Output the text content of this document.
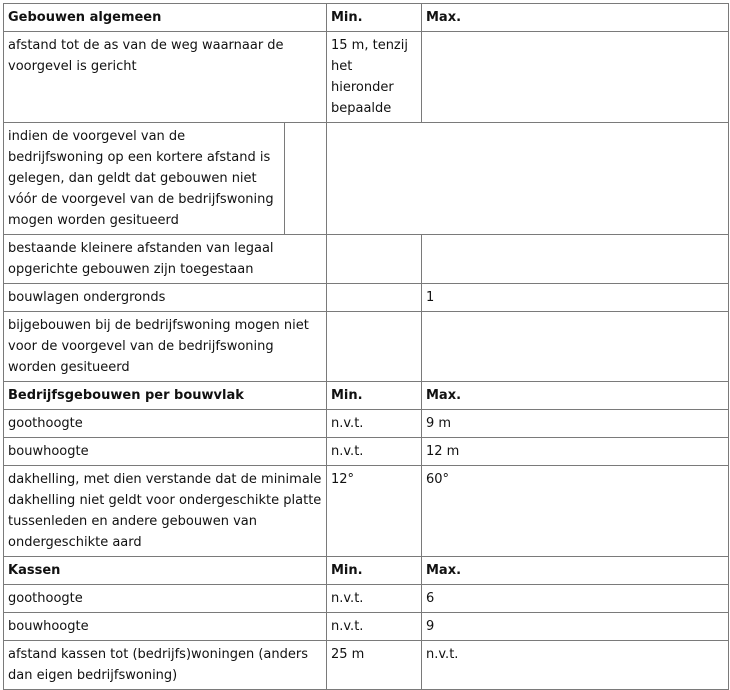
Gebouwen algemeen		Min.	Max.
afstand tot de as van de weg waarnaar de voorgevel is gericht		15 m, tenzij het hieronder bepaalde	
indien de voorgevel van de bedrijfswoning op een kortere afstand is gelegen, dan geldt dat gebouwen niet vóór de voorgevel van de bedrijfswoning mogen worden gesitueerd			
bestaande kleinere afstanden van legaal opgerichte gebouwen zijn toegestaan			
bouwlagen ondergronds			1
bijgebouwen bij de bedrijfswoning mogen niet voor de voorgevel van de bedrijfswoning worden gesitueerd			
Bedrijfsgebouwen per bouwvlak		Min.	Max.
goothoogte		n.v.t.	9 m
bouwhoogte		n.v.t.	12 m
dakhelling, met dien verstande dat de minimale dakhelling niet geldt voor ondergeschikte platte tussenleden en andere gebouwen van ondergeschikte aard		12°	60°
Kassen		Min.	Max.
goothoogte		n.v.t.	6
bouwhoogte		n.v.t.	9
afstand kassen tot (bedrijfs)woningen (anders dan eigen bedrijfswoning)		25 m	n.v.t.
